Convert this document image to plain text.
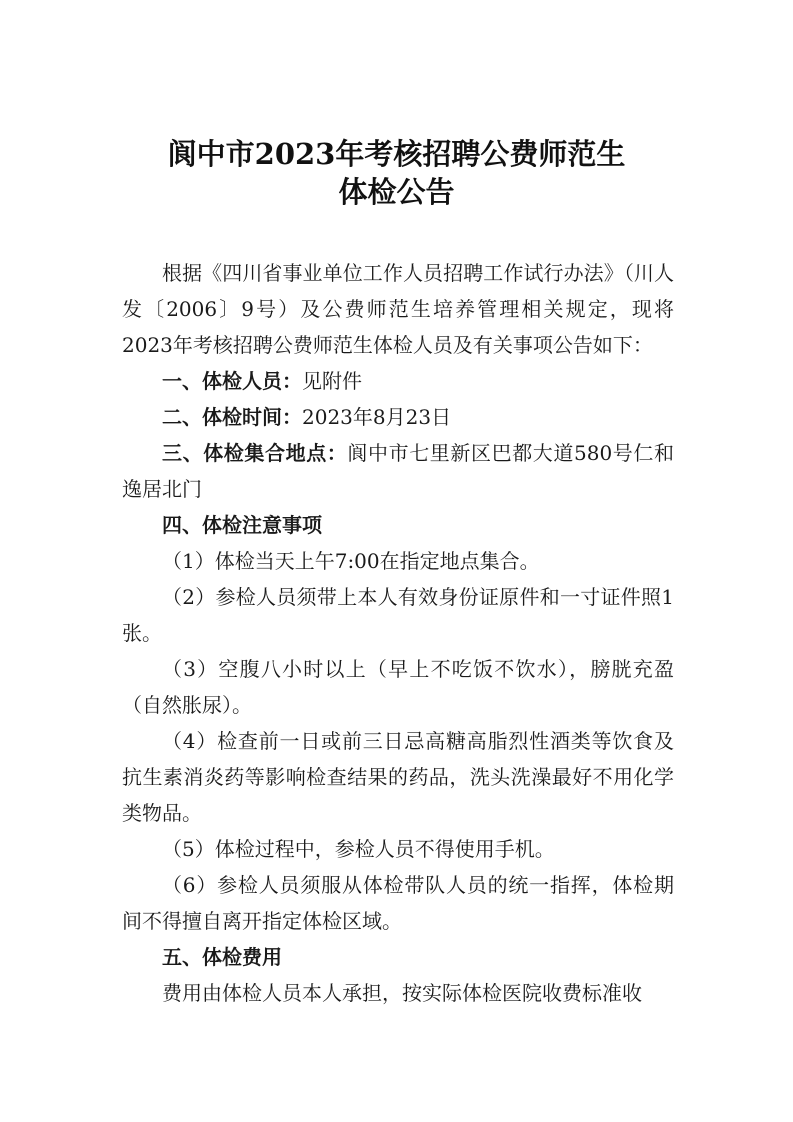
阆中市2023年考核招聘公费师范生
体检公告

根据《四川省事业单位工作人员招聘工作试行办法》（川人发〔2006〕9号）及公费师范生培养管理相关规定，现将2023年考核招聘公费师范生体检人员及有关事项公告如下：

一、体检人员：见附件

二、体检时间：2023年8月23日

三、体检集合地点：阆中市七里新区巴都大道580号仁和逸居北门

四、体检注意事项

（1）体检当天上午7:00在指定地点集合。

（2）参检人员须带上本人有效身份证原件和一寸证件照1张。

（3）空腹八小时以上（早上不吃饭不饮水），膀胱充盈（自然胀尿）。

（4）检查前一日或前三日忌高糖高脂烈性酒类等饮食及抗生素消炎药等影响检查结果的药品，洗头洗澡最好不用化学类物品。

（5）体检过程中，参检人员不得使用手机。

（6）参检人员须服从体检带队人员的统一指挥，体检期间不得擅自离开指定体检区域。

五、体检费用

费用由体检人员本人承担，按实际体检医院收费标准收
